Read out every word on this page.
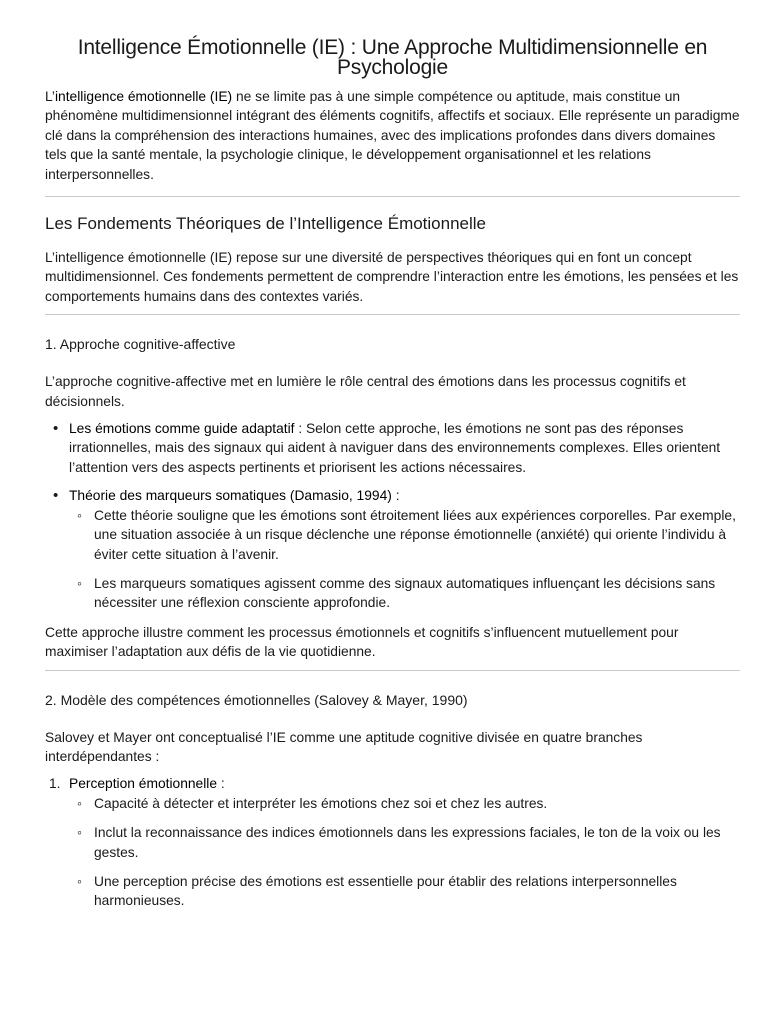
Intelligence Émotionnelle (IE) : Une Approche Multidimensionnelle en Psychologie

L’intelligence émotionnelle (IE) ne se limite pas à une simple compétence ou aptitude, mais constitue un phénomène multidimensionnel intégrant des éléments cognitifs, affectifs et sociaux. Elle représente un paradigme clé dans la compréhension des interactions humaines, avec des implications profondes dans divers domaines tels que la santé mentale, la psychologie clinique, le développement organisationnel et les relations interpersonnelles.

Les Fondements Théoriques de l’Intelligence Émotionnelle

L’intelligence émotionnelle (IE) repose sur une diversité de perspectives théoriques qui en font un concept multidimensionnel. Ces fondements permettent de comprendre l’interaction entre les émotions, les pensées et les comportements humains dans des contextes variés.

1. Approche cognitive-affective

L’approche cognitive-affective met en lumière le rôle central des émotions dans les processus cognitifs et décisionnels.

• Les émotions comme guide adaptatif : Selon cette approche, les émotions ne sont pas des réponses irrationnelles, mais des signaux qui aident à naviguer dans des environnements complexes. Elles orientent l’attention vers des aspects pertinents et priorisent les actions nécessaires.
• Théorie des marqueurs somatiques (Damasio, 1994) :
◦ Cette théorie souligne que les émotions sont étroitement liées aux expériences corporelles. Par exemple, une situation associée à un risque déclenche une réponse émotionnelle (anxiété) qui oriente l’individu à éviter cette situation à l’avenir.
◦ Les marqueurs somatiques agissent comme des signaux automatiques influençant les décisions sans nécessiter une réflexion consciente approfondie.

Cette approche illustre comment les processus émotionnels et cognitifs s’influencent mutuellement pour maximiser l’adaptation aux défis de la vie quotidienne.

2. Modèle des compétences émotionnelles (Salovey & Mayer, 1990)

Salovey et Mayer ont conceptualisé l’IE comme une aptitude cognitive divisée en quatre branches interdépendantes :

1. Perception émotionnelle :
◦ Capacité à détecter et interpréter les émotions chez soi et chez les autres.
◦ Inclut la reconnaissance des indices émotionnels dans les expressions faciales, le ton de la voix ou les gestes.
◦ Une perception précise des émotions est essentielle pour établir des relations interpersonnelles harmonieuses.
